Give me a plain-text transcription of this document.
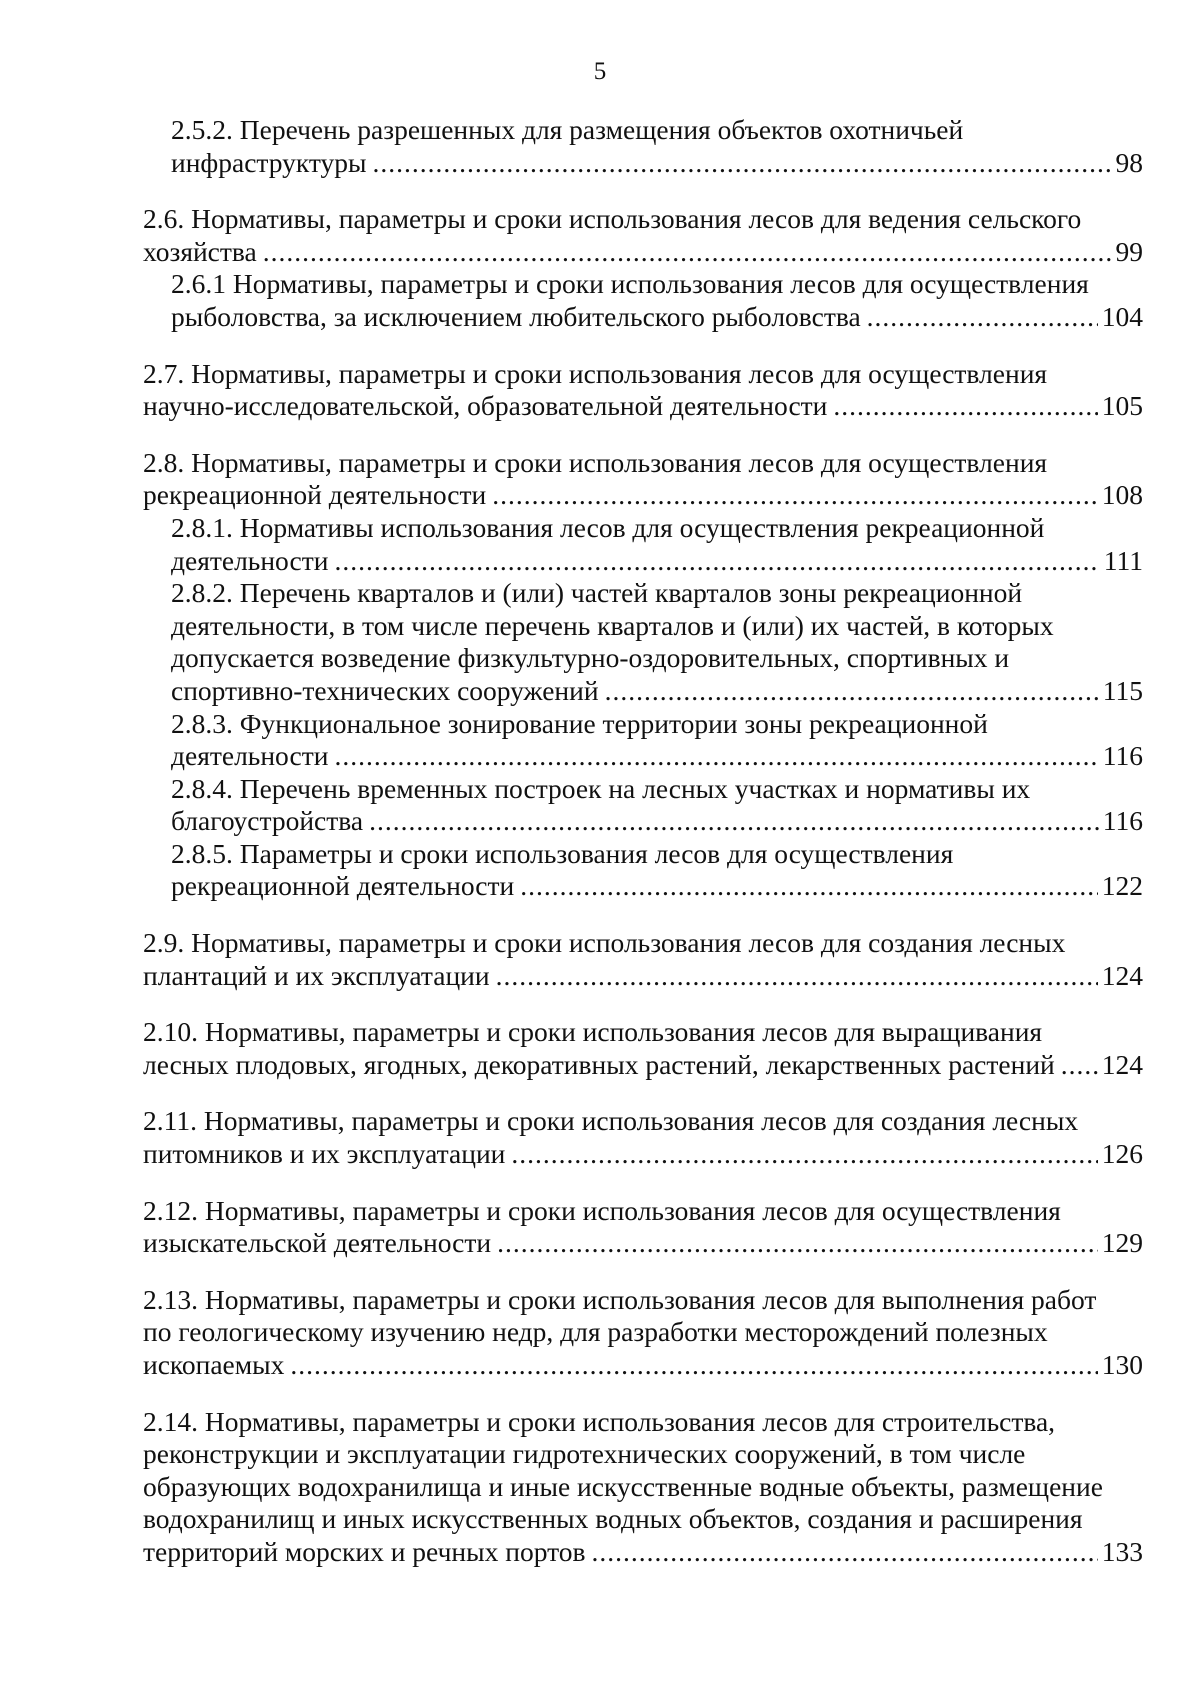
5
2.5.2. Перечень разрешенных для размещения объектов охотничьей
инфраструктуры .....	98
2.6. Нормативы, параметры и сроки использования лесов для ведения сельского
хозяйства .....	99
2.6.1 Нормативы, параметры и сроки использования лесов для осуществления
рыболовства, за исключением любительского рыболовства .....	104
2.7. Нормативы, параметры и сроки использования лесов для осуществления
научно-исследовательской, образовательной деятельности .....	105
2.8. Нормативы, параметры и сроки использования лесов для осуществления
рекреационной деятельности .....	108
2.8.1. Нормативы использования лесов для осуществления рекреационной
деятельности .....	111
2.8.2. Перечень кварталов и (или) частей кварталов зоны рекреационной
деятельности, в том числе перечень кварталов и (или) их частей, в которых
допускается возведение физкультурно-оздоровительных, спортивных и
спортивно-технических сооружений .....	115
2.8.3. Функциональное зонирование территории зоны рекреационной
деятельности .....	116
2.8.4. Перечень временных построек на лесных участках и нормативы их
благоустройства .....	116
2.8.5. Параметры и сроки использования лесов для осуществления
рекреационной деятельности .....	122
2.9. Нормативы, параметры и сроки использования лесов для создания лесных
плантаций и их эксплуатации .....	124
2.10. Нормативы, параметры и сроки использования лесов для выращивания
лесных плодовых, ягодных, декоративных растений, лекарственных растений ..... 124
2.11. Нормативы, параметры и сроки использования лесов для создания лесных
питомников и их эксплуатации .....	126
2.12. Нормативы, параметры и сроки использования лесов для осуществления
изыскательской деятельности .....	129
2.13. Нормативы, параметры и сроки использования лесов для выполнения работ
по геологическому изучению недр, для разработки месторождений полезных
ископаемых .....	130
2.14. Нормативы, параметры и сроки использования лесов для строительства,
реконструкции и эксплуатации гидротехнических сооружений, в том числе
образующих водохранилища и иные искусственные водные объекты, размещение
водохранилищ и иных искусственных водных объектов, создания и расширения
территорий морских и речных портов .....	133
